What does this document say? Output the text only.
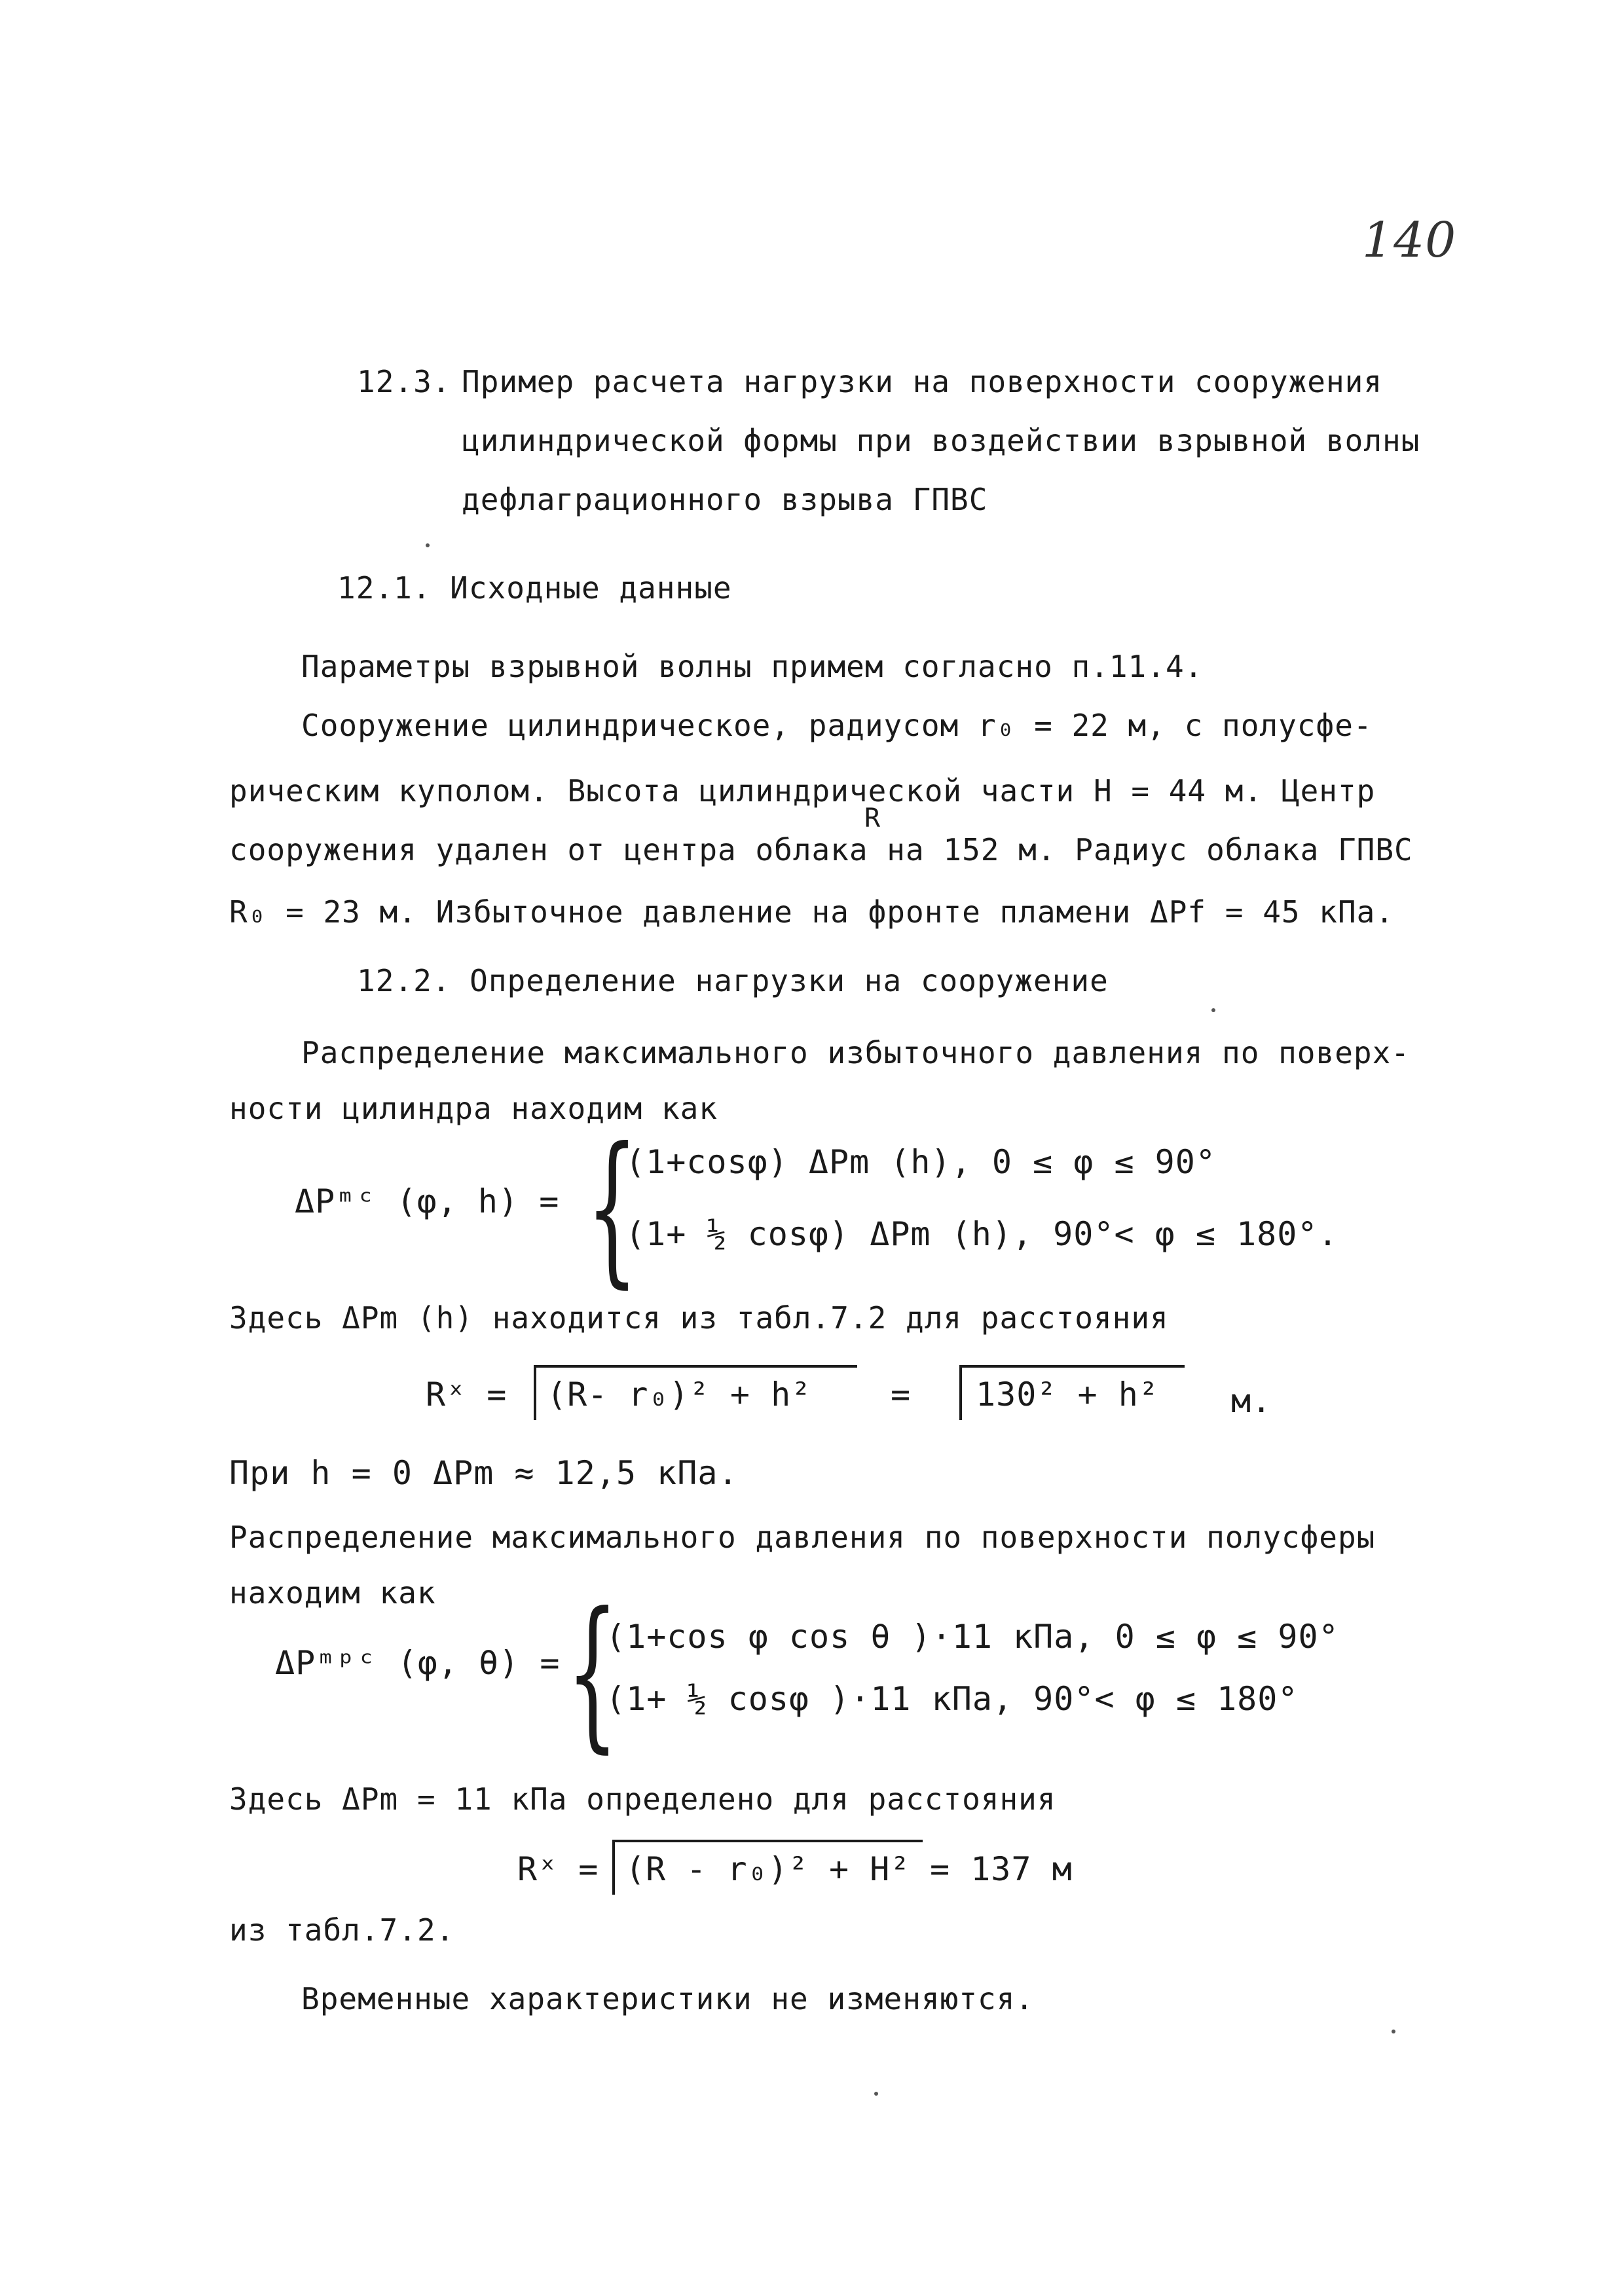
140
12.3. Пример расчета нагрузки на поверхности сооружения
цилиндрической формы при воздействии взрывной волны
дефлаграционного взрыва ГПВС
12.1. Исходные данные
Параметры взрывной волны примем согласно п.11.4.
Сооружение цилиндрическое, радиусом r₀ = 22 м, с полусфе-
рическим куполом. Высота цилиндрической части H = 44 м. Центр
R
сооружения удален от центра облака на 152 м. Радиус облака ГПВС
R₀ = 23 м. Избыточное давление на фронте пламени ΔPf = 45 кПа.
12.2. Определение нагрузки на сооружение
Распределение максимального избыточного давления по поверх-
ности цилиндра находим как
ΔPᵐᶜ (φ, h) = {
(1+cosφ) ΔPm (h), 0 ≤ φ ≤ 90°
(1+ ½ cosφ) ΔPm (h), 90°< φ ≤ 180°.
Здесь ΔPm (h) находится из табл.7.2 для расстояния
Rˣ = (R- r₀)² + h² = 130² + h² м.
При h = 0 ΔPm ≈ 12,5 кПа.
Распределение максимального давления по поверхности полусферы
находим как
ΔPᵐᵖᶜ (φ, θ) = {
(1+cos φ cos θ )·11 кПа, 0 ≤ φ ≤ 90°
(1+ ½ cosφ )·11 кПа, 90°< φ ≤ 180°
Здесь ΔPm = 11 кПа определено для расстояния
Rˣ = (R - r₀)² + H² = 137 м
из табл.7.2.
Временные характеристики не изменяются.
